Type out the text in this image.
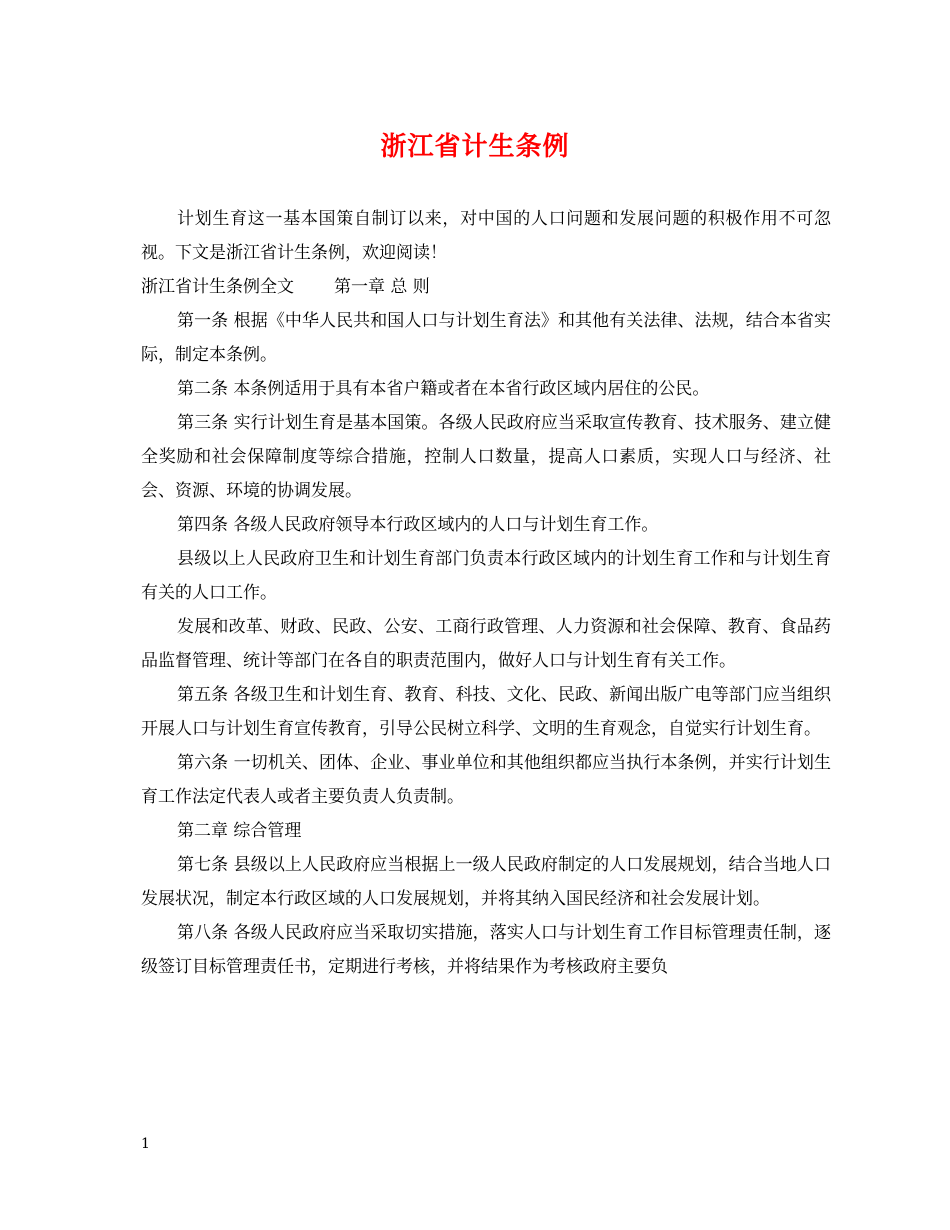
浙江省计生条例

计划生育这一基本国策自制订以来，对中国的人口问题和发展问题的积极作用不可忽视。下文是浙江省计生条例，欢迎阅读！

浙江省计生条例全文 第一章 总 则

第一条 根据《中华人民共和国人口与计划生育法》和其他有关法律、法规，结合本省实际，制定本条例。

第二条 本条例适用于具有本省户籍或者在本省行政区域内居住的公民。

第三条 实行计划生育是基本国策。各级人民政府应当采取宣传教育、技术服务、建立健全奖励和社会保障制度等综合措施，控制人口数量，提高人口素质，实现人口与经济、社会、资源、环境的协调发展。

第四条 各级人民政府领导本行政区域内的人口与计划生育工作。

县级以上人民政府卫生和计划生育部门负责本行政区域内的计划生育工作和与计划生育有关的人口工作。

发展和改革、财政、民政、公安、工商行政管理、人力资源和社会保障、教育、食品药品监督管理、统计等部门在各自的职责范围内，做好人口与计划生育有关工作。

第五条 各级卫生和计划生育、教育、科技、文化、民政、新闻出版广电等部门应当组织开展人口与计划生育宣传教育，引导公民树立科学、文明的生育观念，自觉实行计划生育。

第六条 一切机关、团体、企业、事业单位和其他组织都应当执行本条例，并实行计划生育工作法定代表人或者主要负责人负责制。

第二章 综合管理

第七条 县级以上人民政府应当根据上一级人民政府制定的人口发展规划，结合当地人口发展状况，制定本行政区域的人口发展规划，并将其纳入国民经济和社会发展计划。

第八条 各级人民政府应当采取切实措施，落实人口与计划生育工作目标管理责任制，逐级签订目标管理责任书，定期进行考核，并将结果作为考核政府主要负

1
